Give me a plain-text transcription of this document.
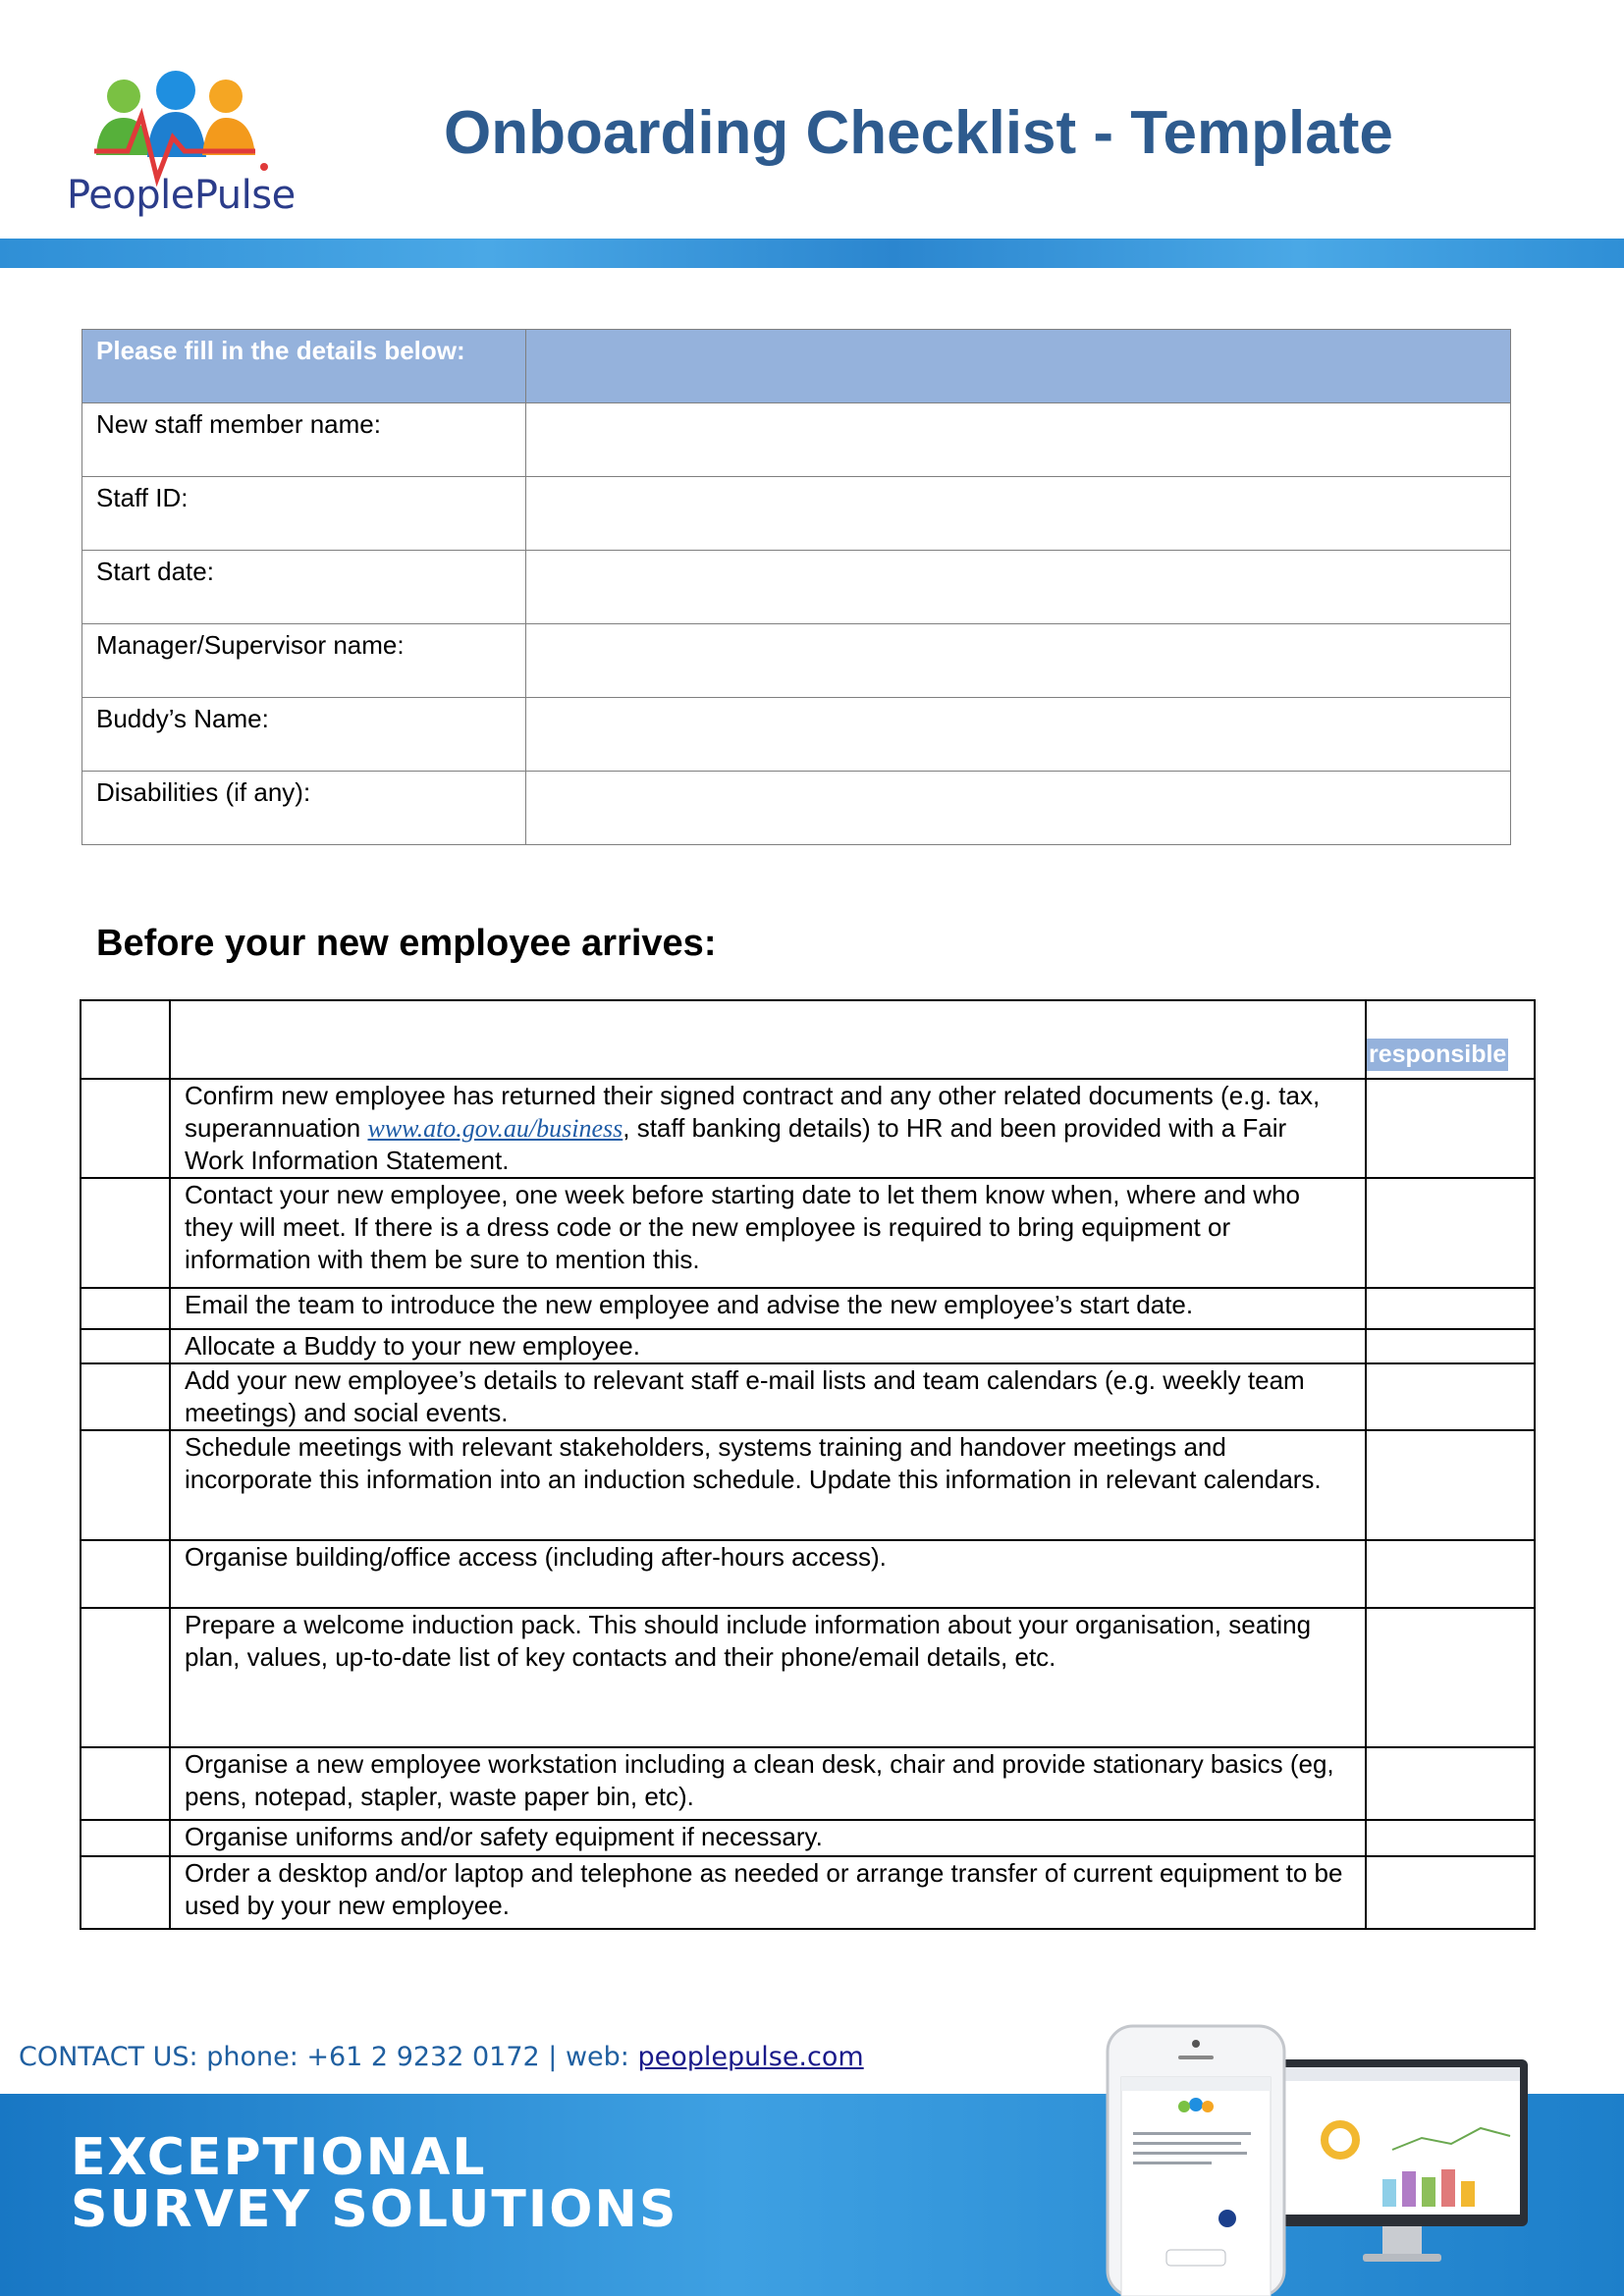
PeoplePulse
Onboarding Checklist - Template
Please fill in the details below:	
New staff member name:	
Staff ID:	
Start date:	
Manager/Supervisor name:	
Buddy’s Name:	
Disabilities (if any):	
Before your new employee arrives:
		responsible
	Confirm new employee has returned their signed contract and any other related documents (e.g. tax, superannuation www.ato.gov.au/business, staff banking details) to HR and been provided with a Fair Work Information Statement.	
	Contact your new employee, one week before starting date to let them know when, where and who they will meet. If there is a dress code or the new employee is required to bring equipment or information with them be sure to mention this.	
	Email the team to introduce the new employee and advise the new employee’s start date.	
	Allocate a Buddy to your new employee.	
	Add your new employee’s details to relevant staff e-mail lists and team calendars (e.g. weekly team meetings) and social events.	
	Schedule meetings with relevant stakeholders, systems training and handover meetings and incorporate this information into an induction schedule. Update this information in relevant calendars.	
	Organise building/office access (including after-hours access).	
	Prepare a welcome induction pack. This should include information about your organisation, seating plan, values, up-to-date list of key contacts and their phone/email details, etc.	
	Organise a new employee workstation including a clean desk, chair and provide stationary basics (eg, pens, notepad, stapler, waste paper bin, etc).	
	Organise uniforms and/or safety equipment if necessary.	
	Order a desktop and/or laptop and telephone as needed or arrange transfer of current equipment to be used by your new employee.	
CONTACT US: phone: +61 2 9232 0172 | web: peoplepulse.com
EXCEPTIONAL
SURVEY SOLUTIONS
